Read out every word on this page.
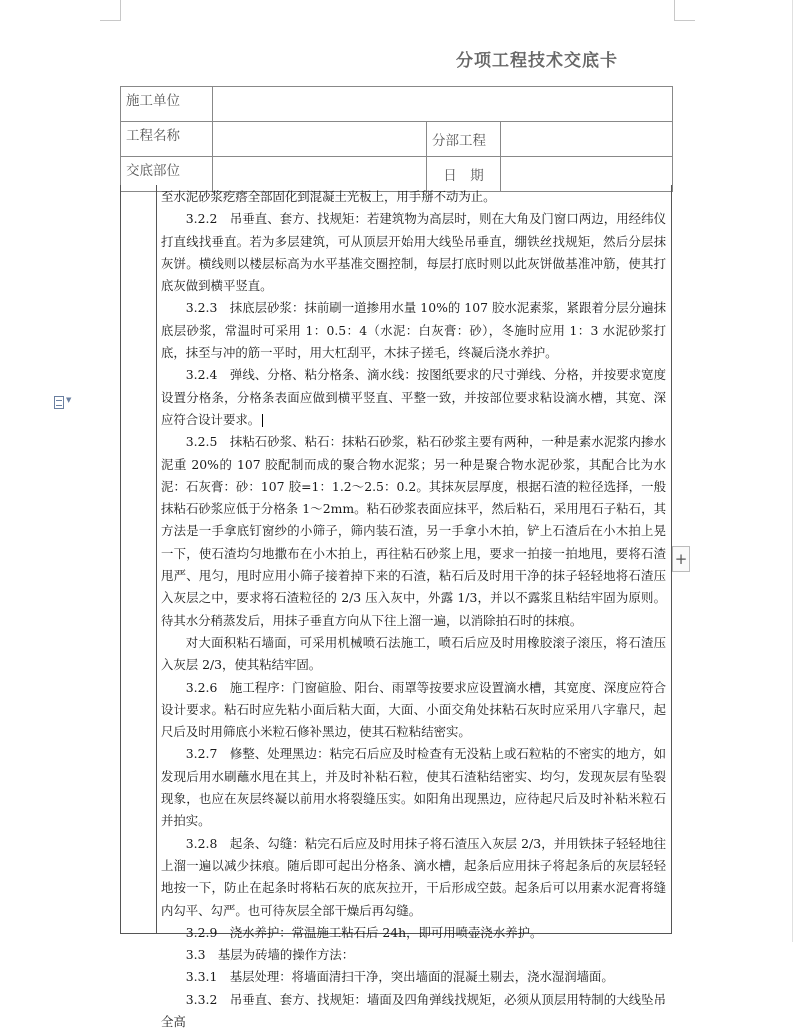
分项工程技术交底卡
施工单位			
工程名称		分部工程	
交底部位		日　期	

至水泥砂浆疙瘩全部固化到混凝土光板上，用手掰不动为止。

3.2.2　吊垂直、套方、找规矩：若建筑物为高层时，则在大角及门窗口两边，用经纬仪打直线找垂直。若为多层建筑，可从顶层开始用大线坠吊垂直，绷铁丝找规矩，然后分层抹灰饼。横线则以楼层标高为水平基准交圈控制，每层打底时则以此灰饼做基准冲筋，使其打底灰做到横平竖直。

3.2.3　抹底层砂浆：抹前刷一道掺用水量 10%的 107 胶水泥素浆，紧跟着分层分遍抹底层砂浆，常温时可采用 1：0.5：4（水泥：白灰膏：砂），冬施时应用 1：3 水泥砂浆打底，抹至与冲的筋一平时，用大杠刮平，木抹子搓毛，终凝后浇水养护。

3.2.4　弹线、分格、粘分格条、滴水线：按图纸要求的尺寸弹线、分格，并按要求宽度设置分格条，分格条表面应做到横平竖直、平整一致，并按部位要求粘设滴水槽，其宽、深应符合设计要求。

3.2.5　抹粘石砂浆、粘石：抹粘石砂浆，粘石砂浆主要有两种，一种是素水泥浆内掺水泥重 20%的 107 胶配制而成的聚合物水泥浆；另一种是聚合物水泥砂浆，其配合比为水泥：石灰膏：砂：107 胶=1：1.2～2.5：0.2。其抹灰层厚度，根据石渣的粒径选择，一般抹粘石砂浆应低于分格条 1～2mm。粘石砂浆表面应抹平，然后粘石，采用甩石子粘石，其方法是一手拿底钉窗纱的小筛子，筛内装石渣，另一手拿小木拍，铲上石渣后在小木拍上晃一下，使石渣均匀地撒布在小木拍上，再往粘石砂浆上甩，要求一拍接一拍地甩，要将石渣甩严、甩匀，甩时应用小筛子接着掉下来的石渣，粘石后及时用干净的抹子轻轻地将石渣压入灰层之中，要求将石渣粒径的 2/3 压入灰中，外露 1/3，并以不露浆且粘结牢固为原则。待其水分稍蒸发后，用抹子垂直方向从下往上溜一遍，以消除拍石时的抹痕。

对大面积粘石墙面，可采用机械喷石法施工，喷石后应及时用橡胶滚子滚压，将石渣压入灰层 2/3，使其粘结牢固。

3.2.6　施工程序：门窗碹脸、阳台、雨罩等按要求应设置滴水槽，其宽度、深度应符合设计要求。粘石时应先粘小面后粘大面，大面、小面交角处抹粘石灰时应采用八字靠尺，起尺后及时用筛底小米粒石修补黑边，使其石粒粘结密实。

3.2.7　修整、处理黑边：粘完石后应及时检查有无没粘上或石粒粘的不密实的地方，如发现后用水刷蘸水甩在其上，并及时补粘石粒，使其石渣粘结密实、均匀，发现灰层有坠裂现象，也应在灰层终凝以前用水将裂缝压实。如阳角出现黑边，应待起尺后及时补粘米粒石并拍实。

3.2.8　起条、勾缝：粘完石后应及时用抹子将石渣压入灰层 2/3，并用铁抹子轻轻地往上溜一遍以减少抹痕。随后即可起出分格条、滴水槽，起条后应用抹子将起条后的灰层轻轻地按一下，防止在起条时将粘石灰的底灰拉开，干后形成空鼓。起条后可以用素水泥膏将缝内勾平、勾严。也可待灰层全部干燥后再勾缝。

3.2.9　浇水养护：常温施工粘石后 24h，即可用喷壶浇水养护。

3.3　基层为砖墙的操作方法：

3.3.1　基层处理：将墙面清扫干净，突出墙面的混凝土剔去，浇水湿润墙面。

3.3.2　吊垂直、套方、找规矩：墙面及四角弹线找规矩，必须从顶层用特制的大线坠吊全高

▼
+
